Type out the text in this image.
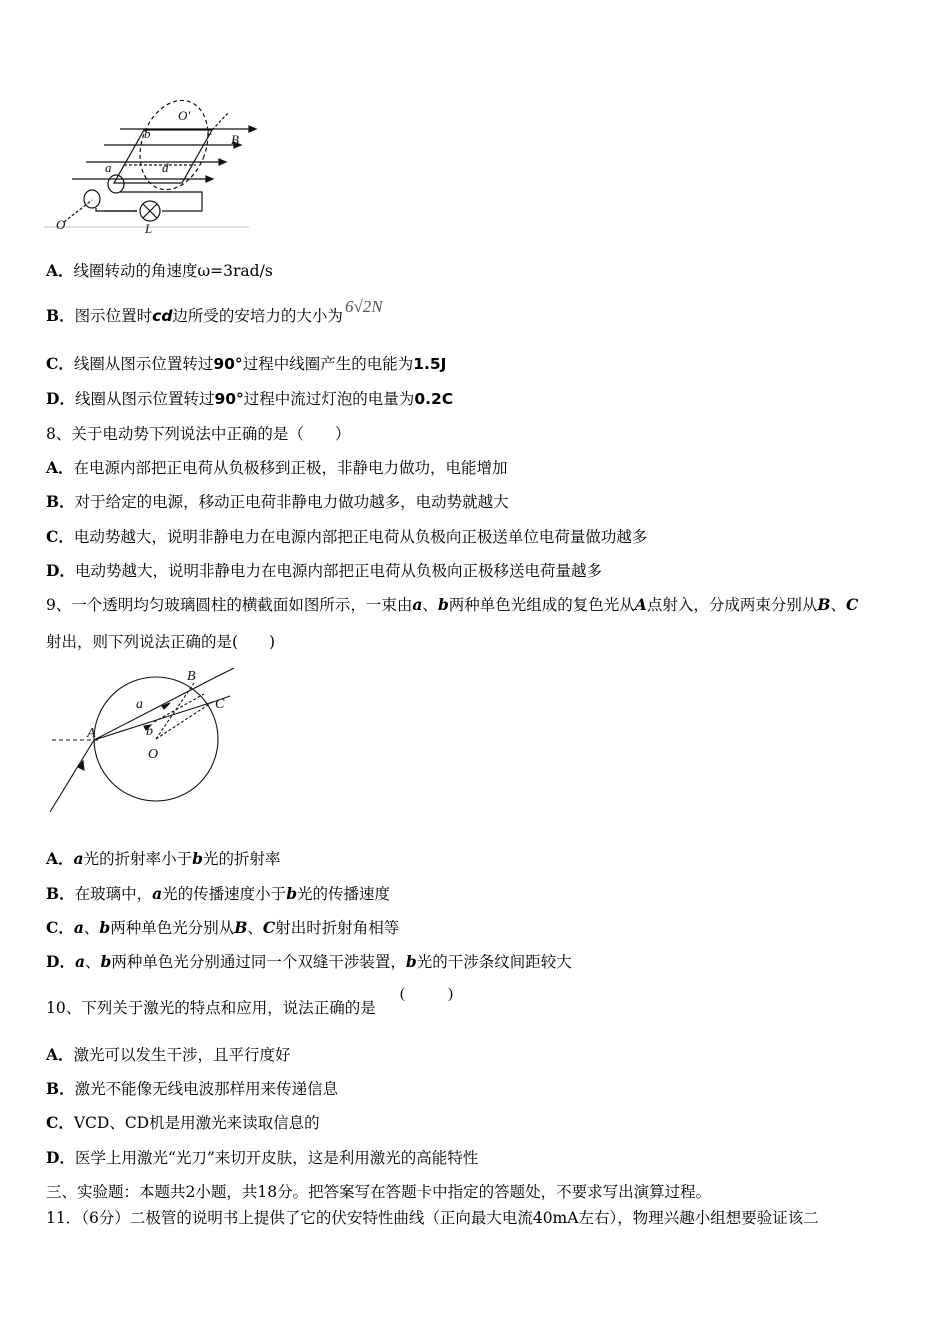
O′
b	c
B
a	d
O	L
A．线圈转动的角速度ω=3rad/s
B．图示位置时cd边所受的安培力的大小为 6√2N
C．线圈从图示位置转过90°过程中线圈产生的电能为1.5J
D．线圈从图示位置转过90°过程中流过灯泡的电量为0.2C
8、关于电动势下列说法中正确的是（　　）
A．在电源内部把正电荷从负极移到正极，非静电力做功，电能增加
B．对于给定的电源，移动正电荷非静电力做功越多，电动势就越大
C．电动势越大，说明非静电力在电源内部把正电荷从负极向正极送单位电荷量做功越多
D．电动势越大，说明非静电力在电源内部把正电荷从负极向正极移送电荷量越多
9、一个透明均匀玻璃圆柱的横截面如图所示，一束由a、b两种单色光组成的复色光从A点射入，分成两束分别从B、C
射出，则下列说法正确的是(　　)
B
a	C
A	b
O
A．a光的折射率小于b光的折射率
B．在玻璃中，a光的传播速度小于b光的传播速度
C．a、b两种单色光分别从B、C射出时折射角相等
D．a、b两种单色光分别通过同一个双缝干涉装置，b光的干涉条纹间距较大
10、下列关于激光的特点和应用，说法正确的是
(	)
A．激光可以发生干涉，且平行度好
B．激光不能像无线电波那样用来传递信息
C．VCD、CD机是用激光来读取信息的
D．医学上用激光“光刀”来切开皮肤，这是利用激光的高能特性
三、实验题：本题共2小题，共18分。把答案写在答题卡中指定的答题处，不要求写出演算过程。
11．（6分）二极管的说明书上提供了它的伏安特性曲线（正向最大电流40mA左右），物理兴趣小组想要验证该二
